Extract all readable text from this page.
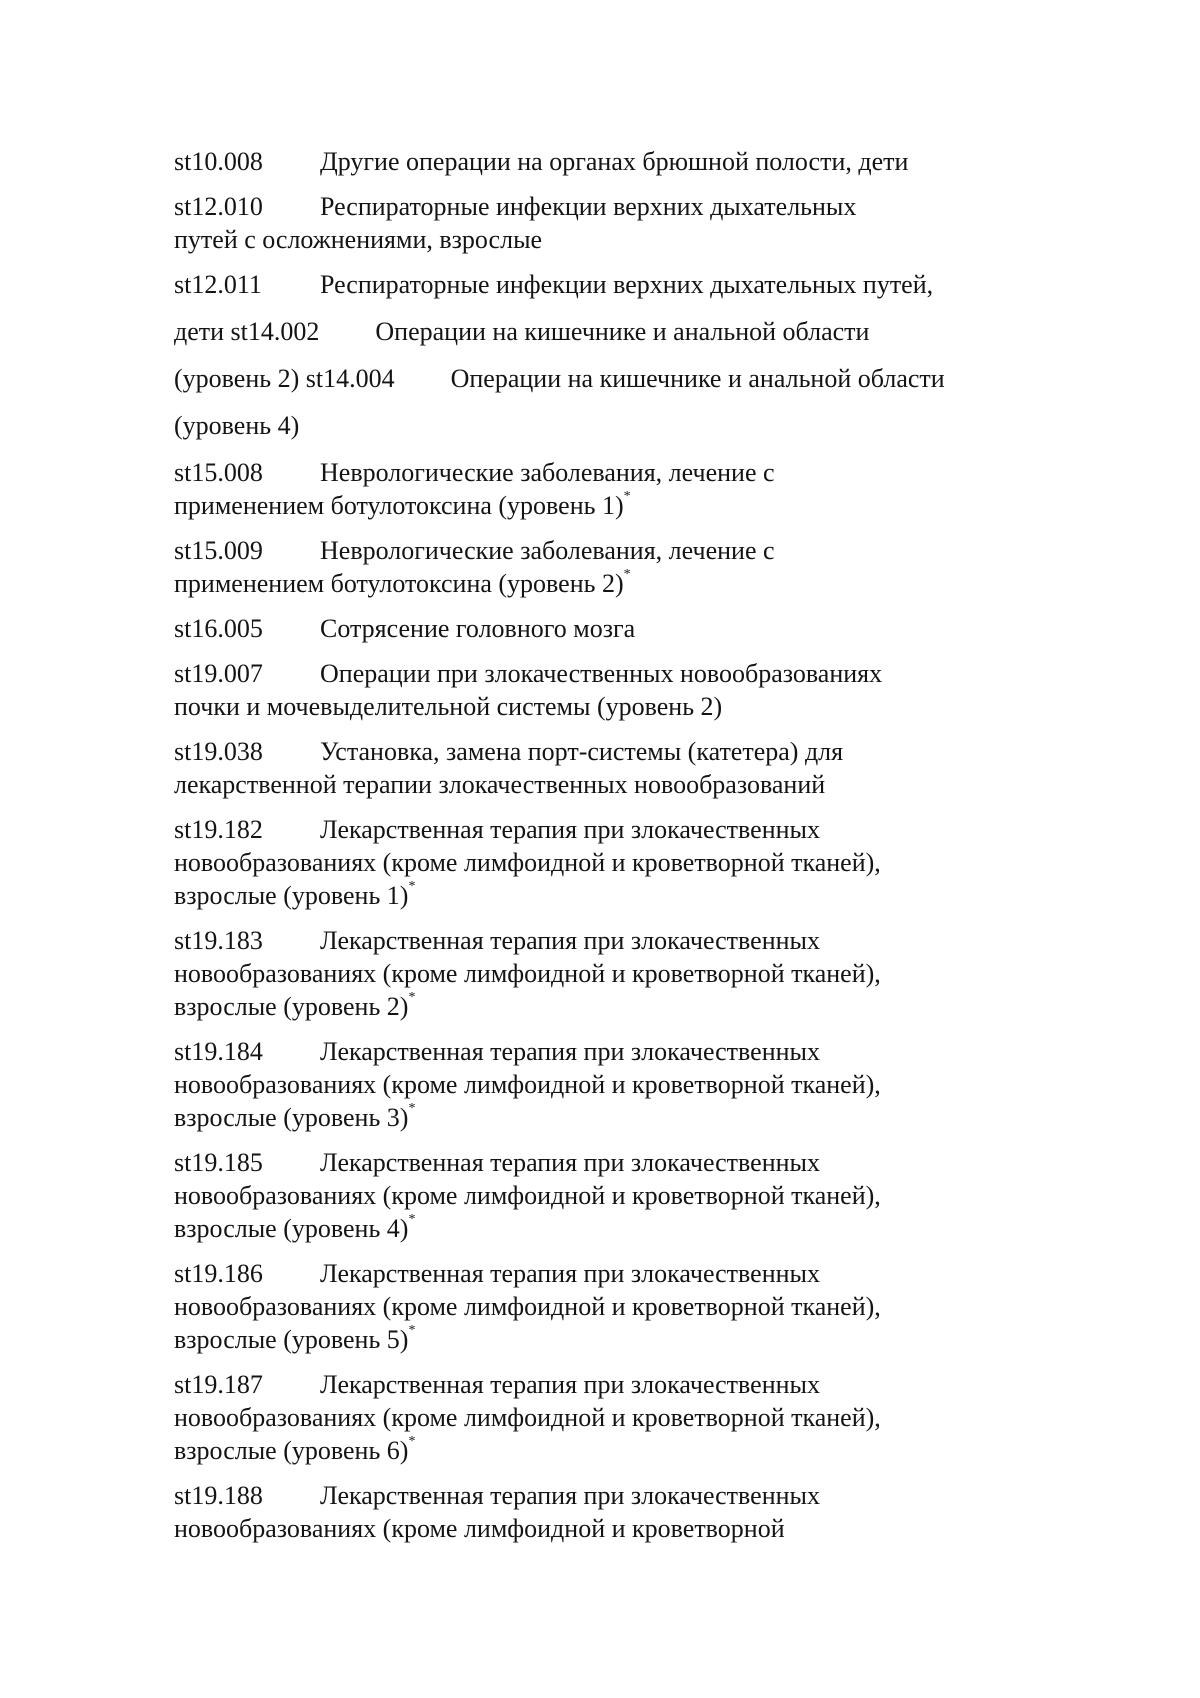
st10.008 Другие операции на органах брюшной полости, дети
st12.010 Респираторные инфекции верхних дыхательных
путей с осложнениями, взрослые
st12.011 Респираторные инфекции верхних дыхательных путей,
дети st14.002 Операции на кишечнике и анальной области
(уровень 2) st14.004 Операции на кишечнике и анальной области
(уровень 4)
st15.008 Неврологические заболевания, лечение с
применением ботулотоксина (уровень 1)*
st15.009 Неврологические заболевания, лечение с
применением ботулотоксина (уровень 2)*
st16.005 Сотрясение головного мозга
st19.007 Операции при злокачественных новообразованиях
почки и мочевыделительной системы (уровень 2)
st19.038 Установка, замена порт-системы (катетера) для
лекарственной терапии злокачественных новообразований
st19.182 Лекарственная терапия при злокачественных
новообразованиях (кроме лимфоидной и кроветворной тканей),
взрослые (уровень 1)*
st19.183 Лекарственная терапия при злокачественных
новообразованиях (кроме лимфоидной и кроветворной тканей),
взрослые (уровень 2)*
st19.184 Лекарственная терапия при злокачественных
новообразованиях (кроме лимфоидной и кроветворной тканей),
взрослые (уровень 3)*
st19.185 Лекарственная терапия при злокачественных
новообразованиях (кроме лимфоидной и кроветворной тканей),
взрослые (уровень 4)*
st19.186 Лекарственная терапия при злокачественных
новообразованиях (кроме лимфоидной и кроветворной тканей),
взрослые (уровень 5)*
st19.187 Лекарственная терапия при злокачественных
новообразованиях (кроме лимфоидной и кроветворной тканей),
взрослые (уровень 6)*
st19.188 Лекарственная терапия при злокачественных
новообразованиях (кроме лимфоидной и кроветворной
